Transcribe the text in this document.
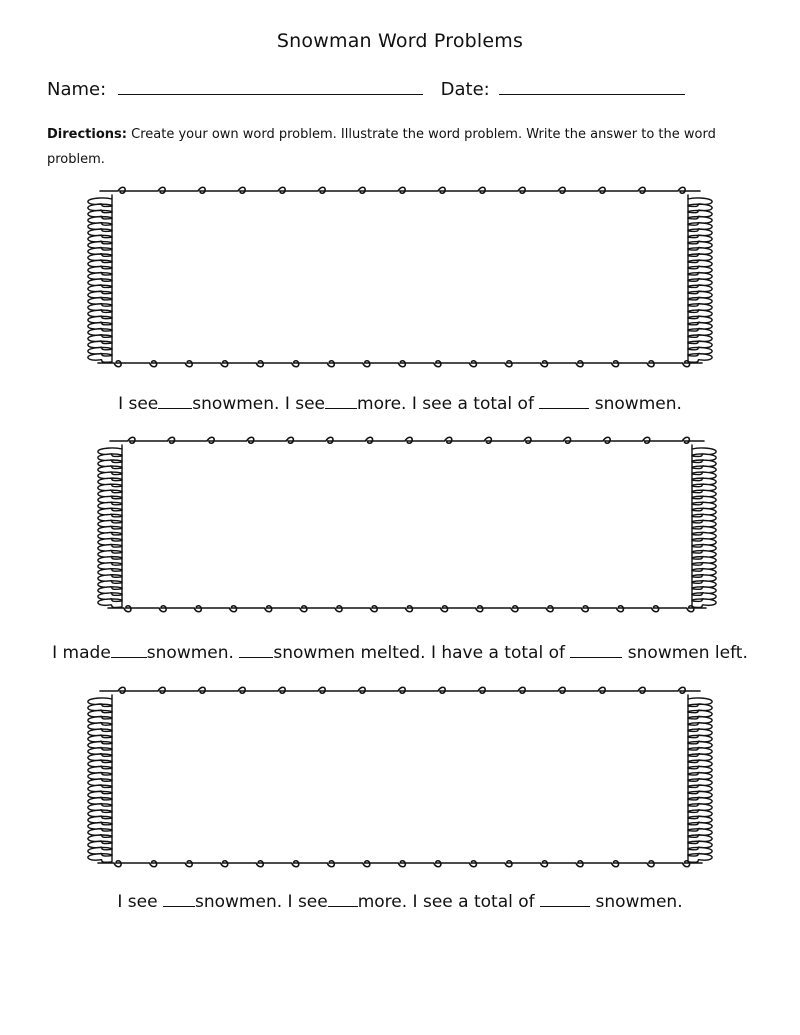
Snowman Word Problems
Name:	Date:
Directions: Create your own word problem. Illustrate the word problem. Write the answer to the word problem.
I see snowmen. I see more. I see a total of	snowmen.
I made snowmen. snowmen melted. I have a total of	snowmen left.
I see snowmen. I see more. I see a total of	snowmen.
